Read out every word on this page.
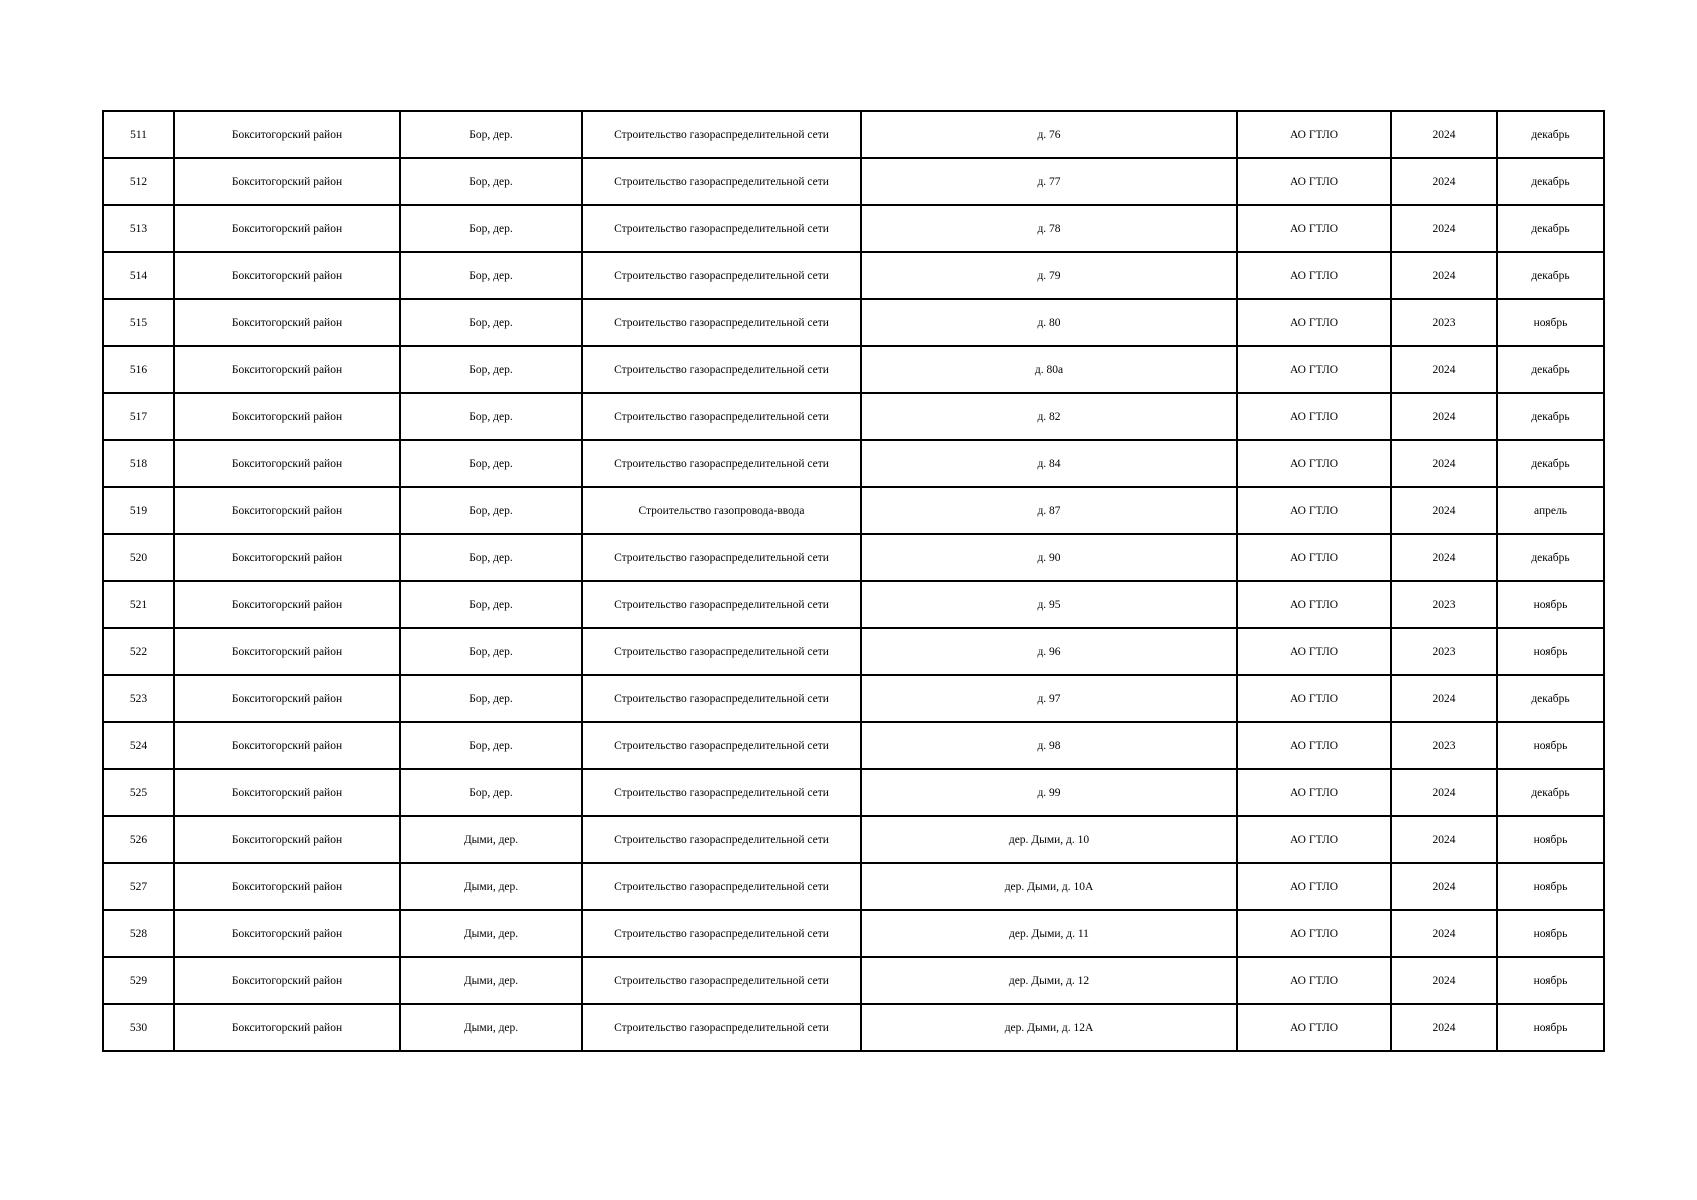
511	Бокситогорский район	Бор, дер.	Строительство газораспределительной сети	д. 76	АО ГТЛО	2024	декабрь
512	Бокситогорский район	Бор, дер.	Строительство газораспределительной сети	д. 77	АО ГТЛО	2024	декабрь
513	Бокситогорский район	Бор, дер.	Строительство газораспределительной сети	д. 78	АО ГТЛО	2024	декабрь
514	Бокситогорский район	Бор, дер.	Строительство газораспределительной сети	д. 79	АО ГТЛО	2024	декабрь
515	Бокситогорский район	Бор, дер.	Строительство газораспределительной сети	д. 80	АО ГТЛО	2023	ноябрь
516	Бокситогорский район	Бор, дер.	Строительство газораспределительной сети	д. 80а	АО ГТЛО	2024	декабрь
517	Бокситогорский район	Бор, дер.	Строительство газораспределительной сети	д. 82	АО ГТЛО	2024	декабрь
518	Бокситогорский район	Бор, дер.	Строительство газораспределительной сети	д. 84	АО ГТЛО	2024	декабрь
519	Бокситогорский район	Бор, дер.	Строительство газопровода-ввода	д. 87	АО ГТЛО	2024	апрель
520	Бокситогорский район	Бор, дер.	Строительство газораспределительной сети	д. 90	АО ГТЛО	2024	декабрь
521	Бокситогорский район	Бор, дер.	Строительство газораспределительной сети	д. 95	АО ГТЛО	2023	ноябрь
522	Бокситогорский район	Бор, дер.	Строительство газораспределительной сети	д. 96	АО ГТЛО	2023	ноябрь
523	Бокситогорский район	Бор, дер.	Строительство газораспределительной сети	д. 97	АО ГТЛО	2024	декабрь
524	Бокситогорский район	Бор, дер.	Строительство газораспределительной сети	д. 98	АО ГТЛО	2023	ноябрь
525	Бокситогорский район	Бор, дер.	Строительство газораспределительной сети	д. 99	АО ГТЛО	2024	декабрь
526	Бокситогорский район	Дыми, дер.	Строительство газораспределительной сети	дер. Дыми, д. 10	АО ГТЛО	2024	ноябрь
527	Бокситогорский район	Дыми, дер.	Строительство газораспределительной сети	дер. Дыми, д. 10А	АО ГТЛО	2024	ноябрь
528	Бокситогорский район	Дыми, дер.	Строительство газораспределительной сети	дер. Дыми, д. 11	АО ГТЛО	2024	ноябрь
529	Бокситогорский район	Дыми, дер.	Строительство газораспределительной сети	дер. Дыми, д. 12	АО ГТЛО	2024	ноябрь
530	Бокситогорский район	Дыми, дер.	Строительство газораспределительной сети	дер. Дыми, д. 12А	АО ГТЛО	2024	ноябрь
